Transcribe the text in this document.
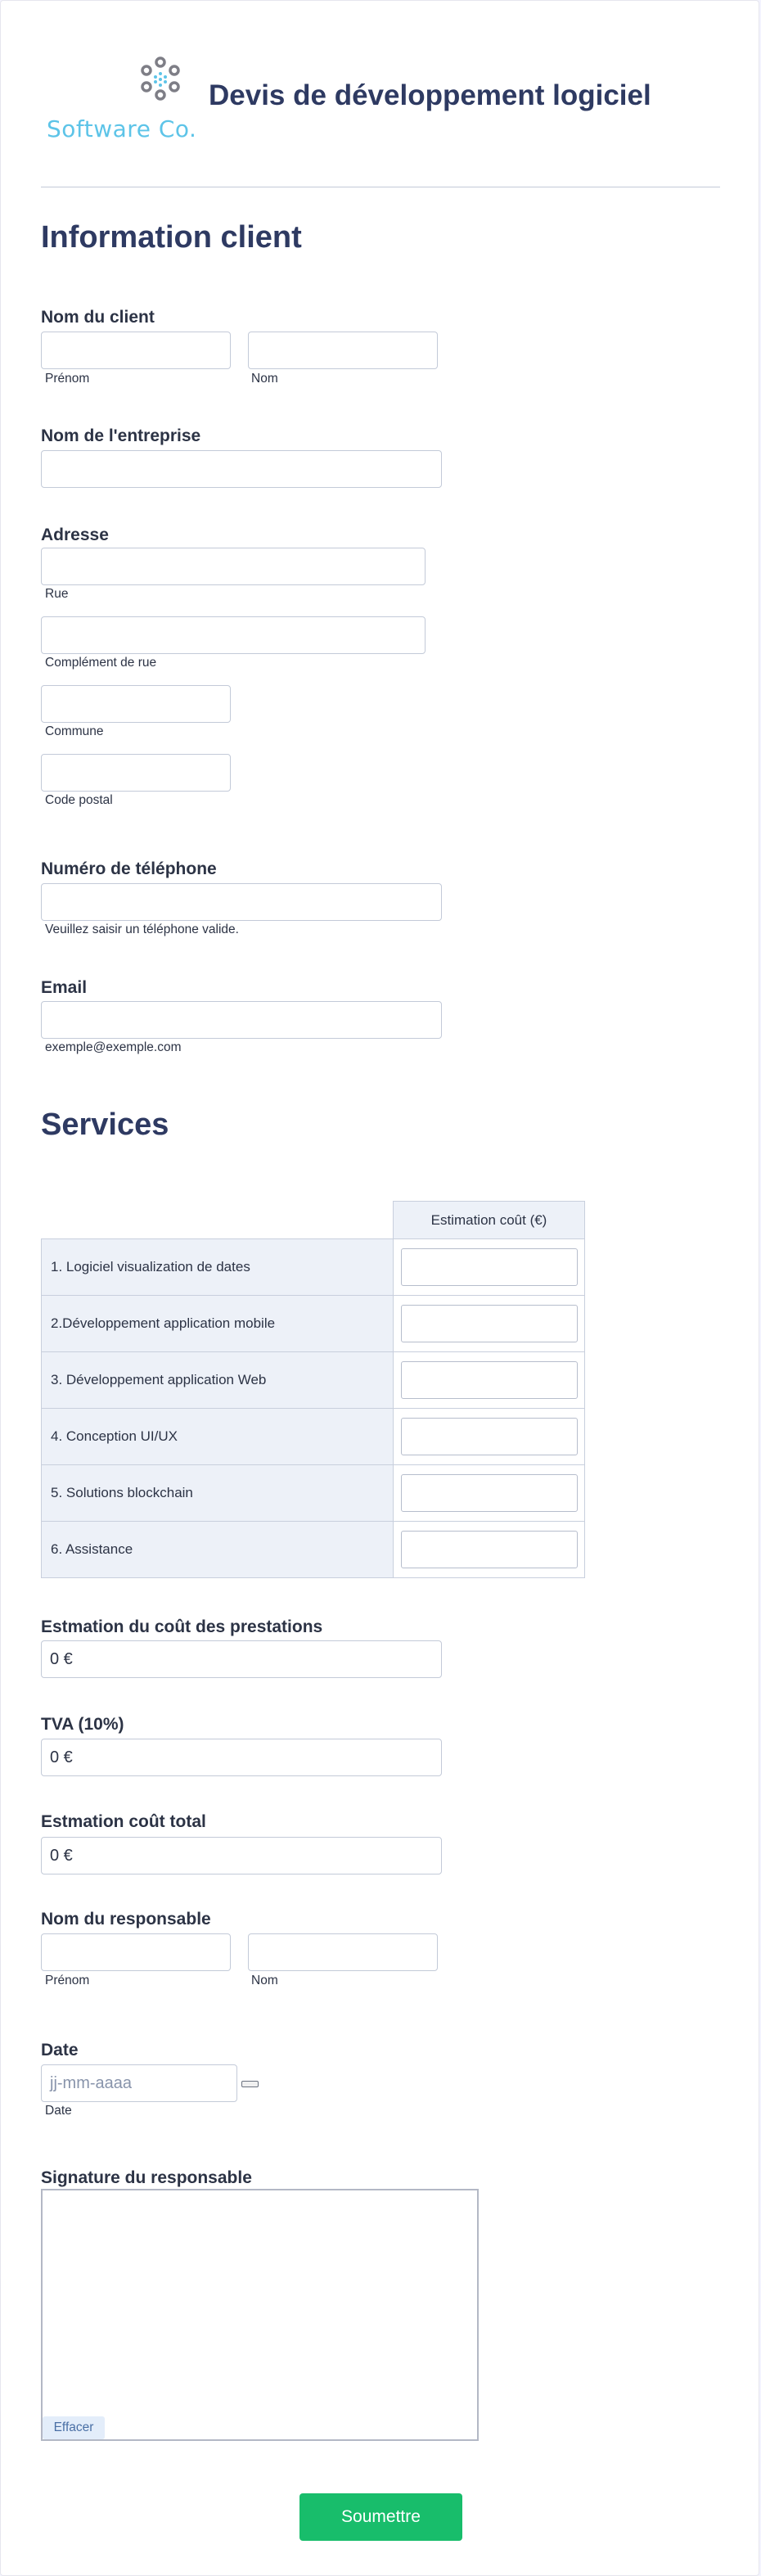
Software Co.
Devis de développement logiciel
Information client
Nom du client
Prénom	Nom
Nom de l'entreprise
Adresse
Rue
Complément de rue
Commune
Code postal
Numéro de téléphone
Veuillez saisir un téléphone valide.
Email
exemple@exemple.com
Services
	Estimation coût (€)
1. Logiciel visualization de dates	

2.Développement application mobile	

3. Développement application Web	

4. Conception UI/UX	

5. Solutions blockchain	

6. Assistance	
Estmation du coût des prestations
0 €
TVA (10%)
0 €
Estmation coût total
0 €
Nom du responsable
Prénom	Nom
Date
jj-mm-aaaa
Date
Signature du responsable
Effacer
Soumettre
